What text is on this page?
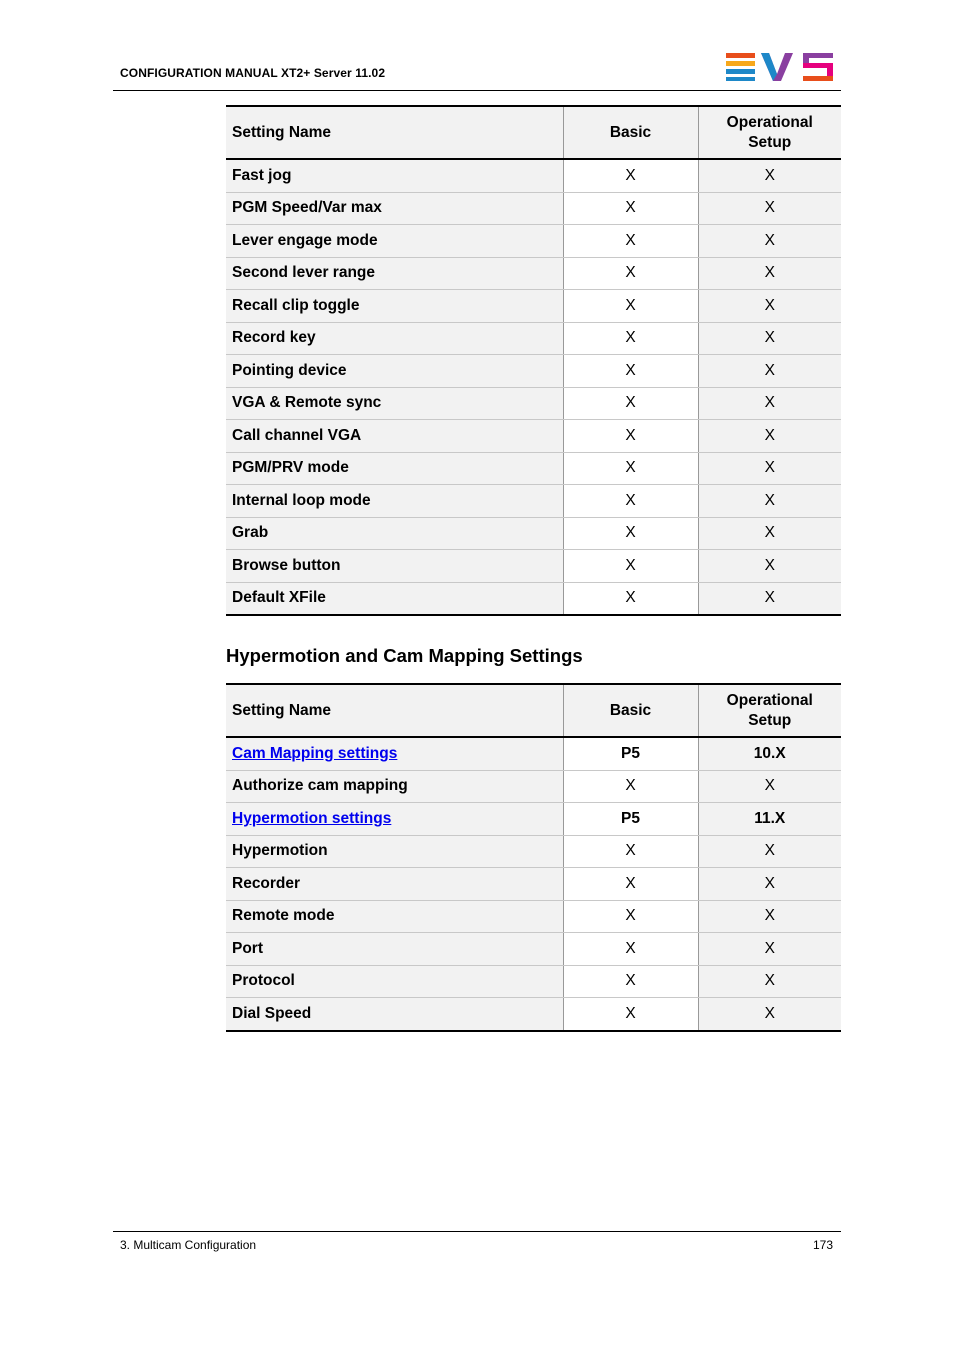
CONFIGURATION MANUAL XT2+ Server 11.02
Setting Name	Basic	Operational
Setup
Fast jog	X	X
PGM Speed/Var max	X	X
Lever engage mode	X	X
Second lever range	X	X
Recall clip toggle	X	X
Record key	X	X
Pointing device	X	X
VGA & Remote sync	X	X
Call channel VGA	X	X
PGM/PRV mode	X	X
Internal loop mode	X	X
Grab	X	X
Browse button	X	X
Default XFile	X	X
Hypermotion and Cam Mapping Settings
Setting Name	Basic	Operational
Setup
Cam Mapping settings	P5	10.X
Authorize cam mapping	X	X
Hypermotion settings	P5	11.X
Hypermotion	X	X
Recorder	X	X
Remote mode	X	X
Port	X	X
Protocol	X	X
Dial Speed	X	X
3. Multicam Configuration	173
